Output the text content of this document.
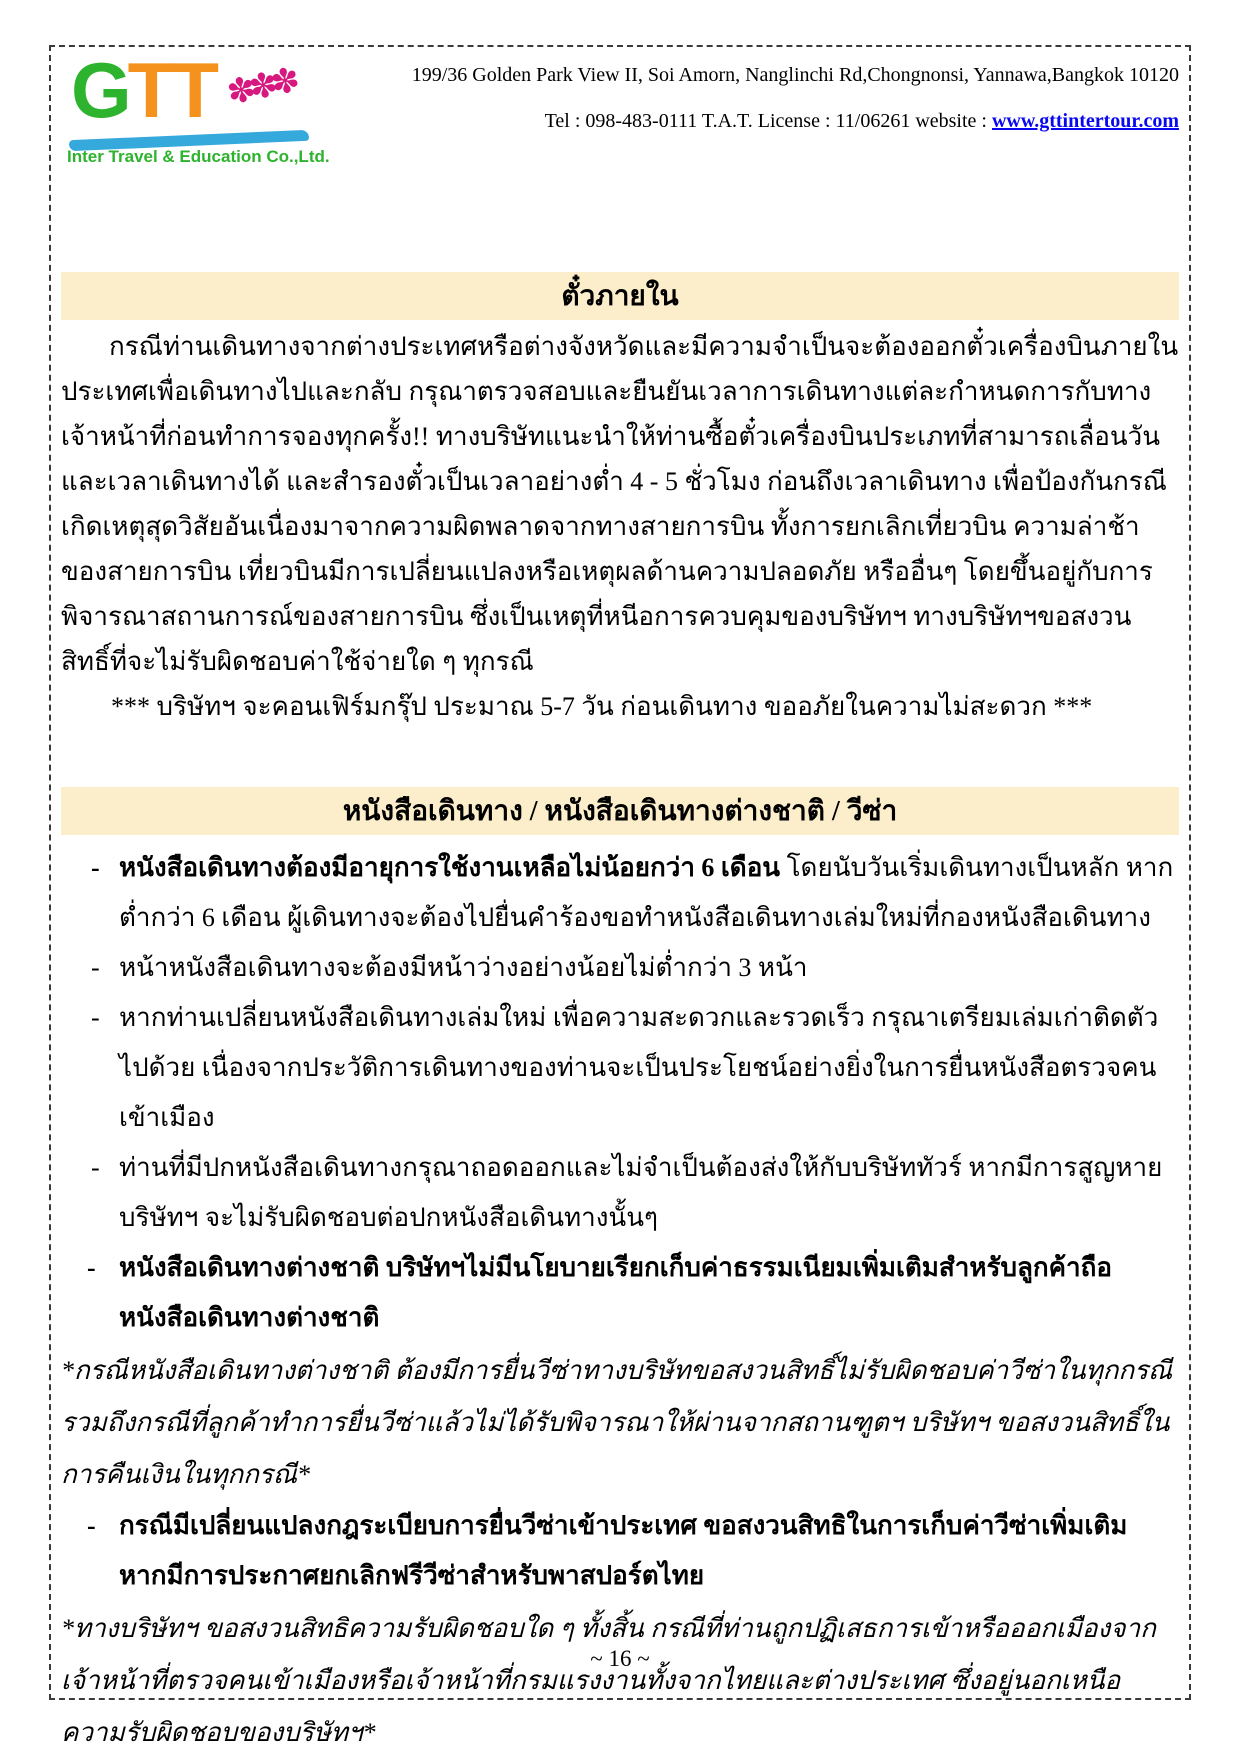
GTT ✽✽✽
Inter Travel & Education Co.,Ltd.
199/36 Golden Park View II, Soi Amorn, Nanglinchi Rd,Chongnonsi, Yannawa,Bangkok 10120
Tel : 098-483-0111 T.A.T. License : 11/06261 website : www.gttintertour.com
ตั๋วภายใน

กรณีท่านเดินทางจากต่างประเทศหรือต่างจังหวัดและมีความจำเป็นจะต้องออกตั๋วเครื่องบินภายในประเทศเพื่อเดินทางไปและกลับ กรุณาตรวจสอบและยืนยันเวลาการเดินทางแต่ละกำหนดการกับทางเจ้าหน้าที่ก่อนทำการจองทุกครั้ง!! ทางบริษัทแนะนำให้ท่านซื้อตั๋วเครื่องบินประเภทที่สามารถเลื่อนวันและเวลาเดินทางได้ และสำรองตั๋วเป็นเวลาอย่างต่ำ 4 - 5 ชั่วโมง ก่อนถึงเวลาเดินทาง เพื่อป้องกันกรณีเกิดเหตุสุดวิสัยอันเนื่องมาจากความผิดพลาดจากทางสายการบิน ทั้งการยกเลิกเที่ยวบิน ความล่าช้าของสายการบิน เที่ยวบินมีการเปลี่ยนแปลงหรือเหตุผลด้านความปลอดภัย หรืออื่นๆ โดยขึ้นอยู่กับการพิจารณาสถานการณ์ของสายการบิน ซึ่งเป็นเหตุที่หนีอการควบคุมของบริษัทฯ ทางบริษัทฯขอสงวนสิทธิ์ที่จะไม่รับผิดชอบค่าใช้จ่ายใด ๆ ทุกรณี

*** บริษัทฯ จะคอนเฟิร์มกรุ๊ป ประมาณ 5-7 วัน ก่อนเดินทาง ขออภัยในความไม่สะดวก ***

หนังสือเดินทาง / หนังสือเดินทางต่างชาติ / วีซ่า
- หนังสือเดินทางต้องมีอายุการใช้งานเหลือไม่น้อยกว่า 6 เดือน โดยนับวันเริ่มเดินทางเป็นหลัก หากต่ำกว่า 6 เดือน ผู้เดินทางจะต้องไปยื่นคำร้องขอทำหนังสือเดินทางเล่มใหม่ที่กองหนังสือเดินทาง
- หน้าหนังสือเดินทางจะต้องมีหน้าว่างอย่างน้อยไม่ต่ำกว่า 3 หน้า
- หากท่านเปลี่ยนหนังสือเดินทางเล่มใหม่ เพื่อความสะดวกและรวดเร็ว กรุณาเตรียมเล่มเก่าติดตัวไปด้วย เนื่องจากประวัติการเดินทางของท่านจะเป็นประโยชน์อย่างยิ่งในการยื่นหนังสือตรวจคนเข้าเมือง
- ท่านที่มีปกหนังสือเดินทางกรุณาถอดออกและไม่จำเป็นต้องส่งให้กับบริษัททัวร์ หากมีการสูญหายบริษัทฯ จะไม่รับผิดชอบต่อปกหนังสือเดินทางนั้นๆ
- หนังสือเดินทางต่างชาติ บริษัทฯไม่มีนโยบายเรียกเก็บค่าธรรมเนียมเพิ่มเติมสำหรับลูกค้าถือหนังสือเดินทางต่างชาติ

*กรณีหนังสือเดินทางต่างชาติ ต้องมีการยื่นวีซ่าทางบริษัทขอสงวนสิทธิ์ไม่รับผิดชอบค่าวีซ่าในทุกกรณี รวมถึงกรณีที่ลูกค้าทำการยื่นวีซ่าแล้วไม่ได้รับพิจารณาให้ผ่านจากสถานฑูตฯ บริษัทฯ ขอสงวนสิทธิ์ในการคืนเงินในทุกกรณี*

- กรณีมีเปลี่ยนแปลงกฎระเบียบการยื่นวีซ่าเข้าประเทศ ขอสงวนสิทธิในการเก็บค่าวีซ่าเพิ่มเติม หากมีการประกาศยกเลิกฟรีวีซ่าสำหรับพาสปอร์ตไทย

*ทางบริษัทฯ ขอสงวนสิทธิความรับผิดชอบใด ๆ ทั้งสิ้น กรณีที่ท่านถูกปฏิเสธการเข้าหรือออกเมืองจากเจ้าหน้าที่ตรวจคนเข้าเมืองหรือเจ้าหน้าที่กรมแรงงานทั้งจากไทยและต่างประเทศ ซึ่งอยู่นอกเหนือความรับผิดชอบของบริษัทฯ*

~ 16 ~
